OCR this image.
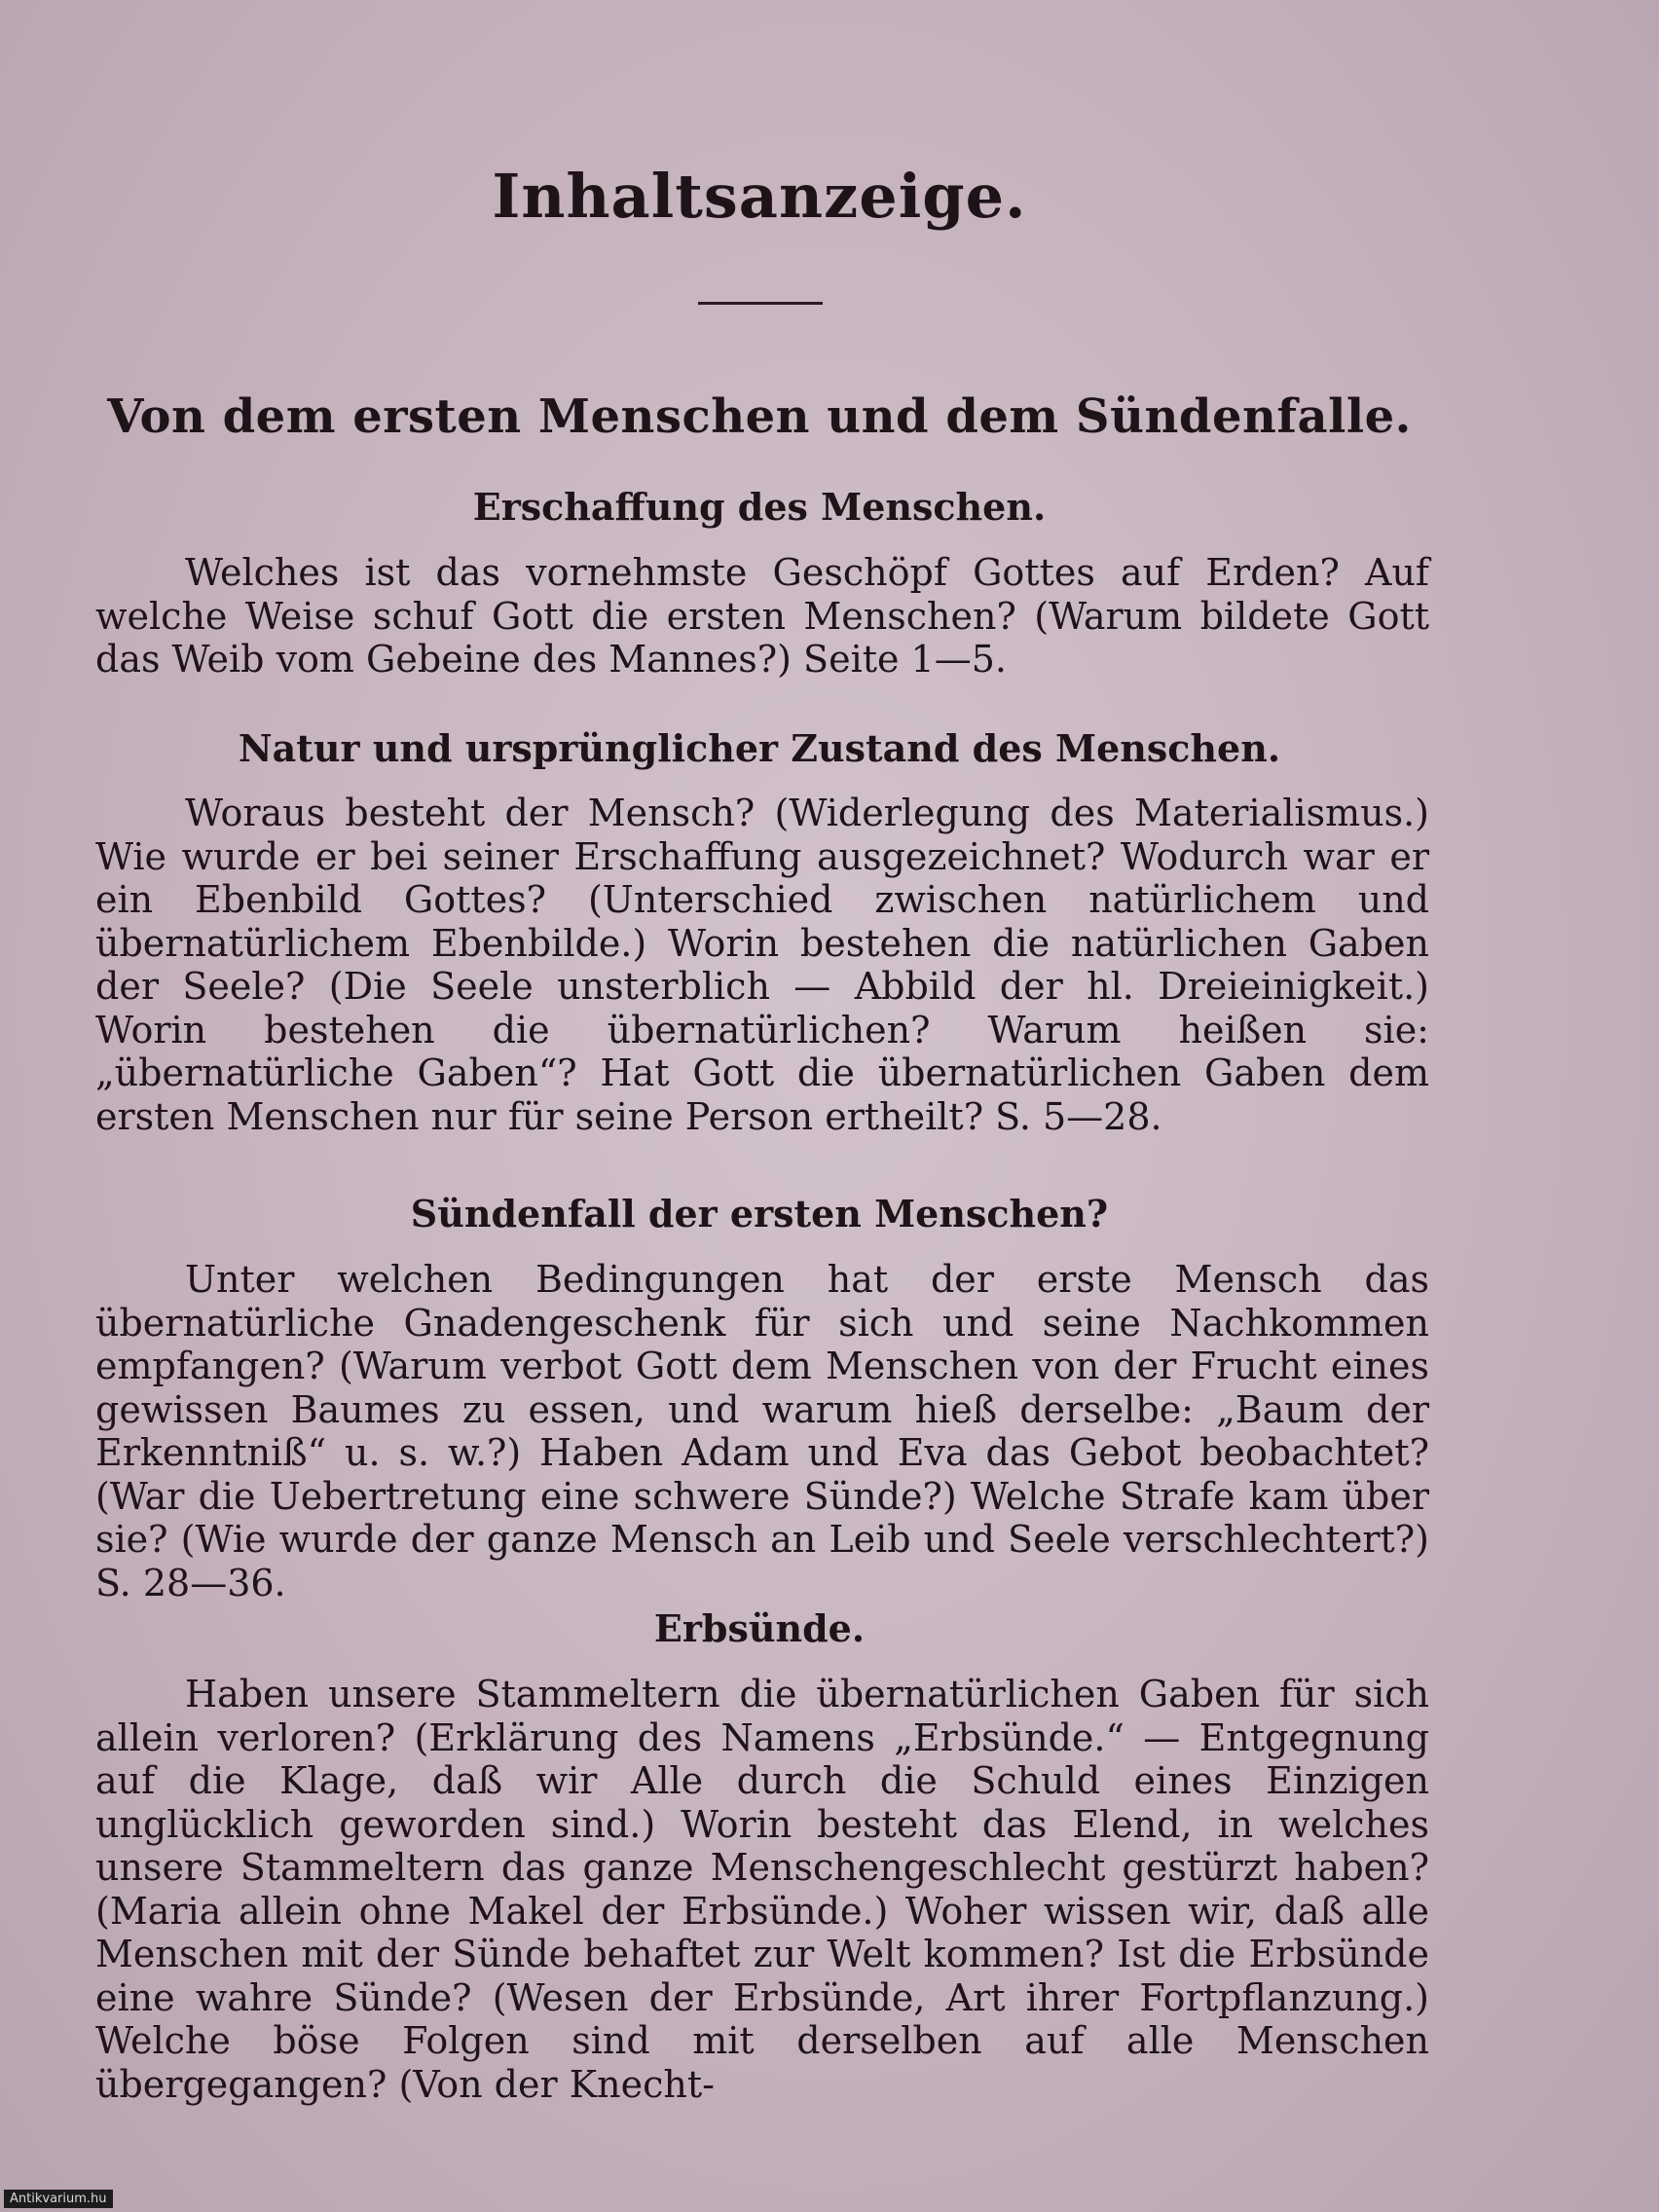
Inhaltsanzeige.
Von dem ersten Menschen und dem Sündenfalle.
Erschaffung des Menschen.

Welches ist das vornehmste Geschöpf Gottes auf Erden? Auf welche Weise schuf Gott die ersten Menschen? (Warum bildete Gott das Weib vom Gebeine des Mannes?) Seite 1—5.

Natur und ursprünglicher Zustand des Menschen.

Woraus besteht der Mensch? (Widerlegung des Materialismus.) Wie wurde er bei seiner Erschaffung ausgezeichnet? Wodurch war er ein Ebenbild Gottes? (Unterschied zwischen natürlichem und übernatürlichem Ebenbilde.) Worin bestehen die natürlichen Gaben der Seele? (Die Seele unsterblich — Abbild der hl. Dreieinigkeit.) Worin bestehen die übernatürlichen? Warum heißen sie: „übernatürliche Gaben“? Hat Gott die übernatürlichen Gaben dem ersten Menschen nur für seine Person ertheilt? S. 5—28.

Sündenfall der ersten Menschen?

Unter welchen Bedingungen hat der erste Mensch das übernatürliche Gnadengeschenk für sich und seine Nachkommen empfangen? (Warum verbot Gott dem Menschen von der Frucht eines gewissen Baumes zu essen, und warum hieß derselbe: „Baum der Erkenntniß“ u. s. w.?) Haben Adam und Eva das Gebot beobachtet? (War die Uebertretung eine schwere Sünde?) Welche Strafe kam über sie? (Wie wurde der ganze Mensch an Leib und Seele verschlechtert?) S. 28—36.

Erbsünde.

Haben unsere Stammeltern die übernatürlichen Gaben für sich allein verloren? (Erklärung des Namens „Erbsünde.“ — Entgegnung auf die Klage, daß wir Alle durch die Schuld eines Einzigen unglücklich geworden sind.) Worin besteht das Elend, in welches unsere Stammeltern das ganze Menschengeschlecht gestürzt haben? (Maria allein ohne Makel der Erbsünde.) Woher wissen wir, daß alle Menschen mit der Sünde behaftet zur Welt kommen? Ist die Erbsünde eine wahre Sünde? (Wesen der Erbsünde, Art ihrer Fortpflanzung.) Welche böse Folgen sind mit derselben auf alle Menschen übergegangen? (Von der Knecht-

Antikvarium.hu
